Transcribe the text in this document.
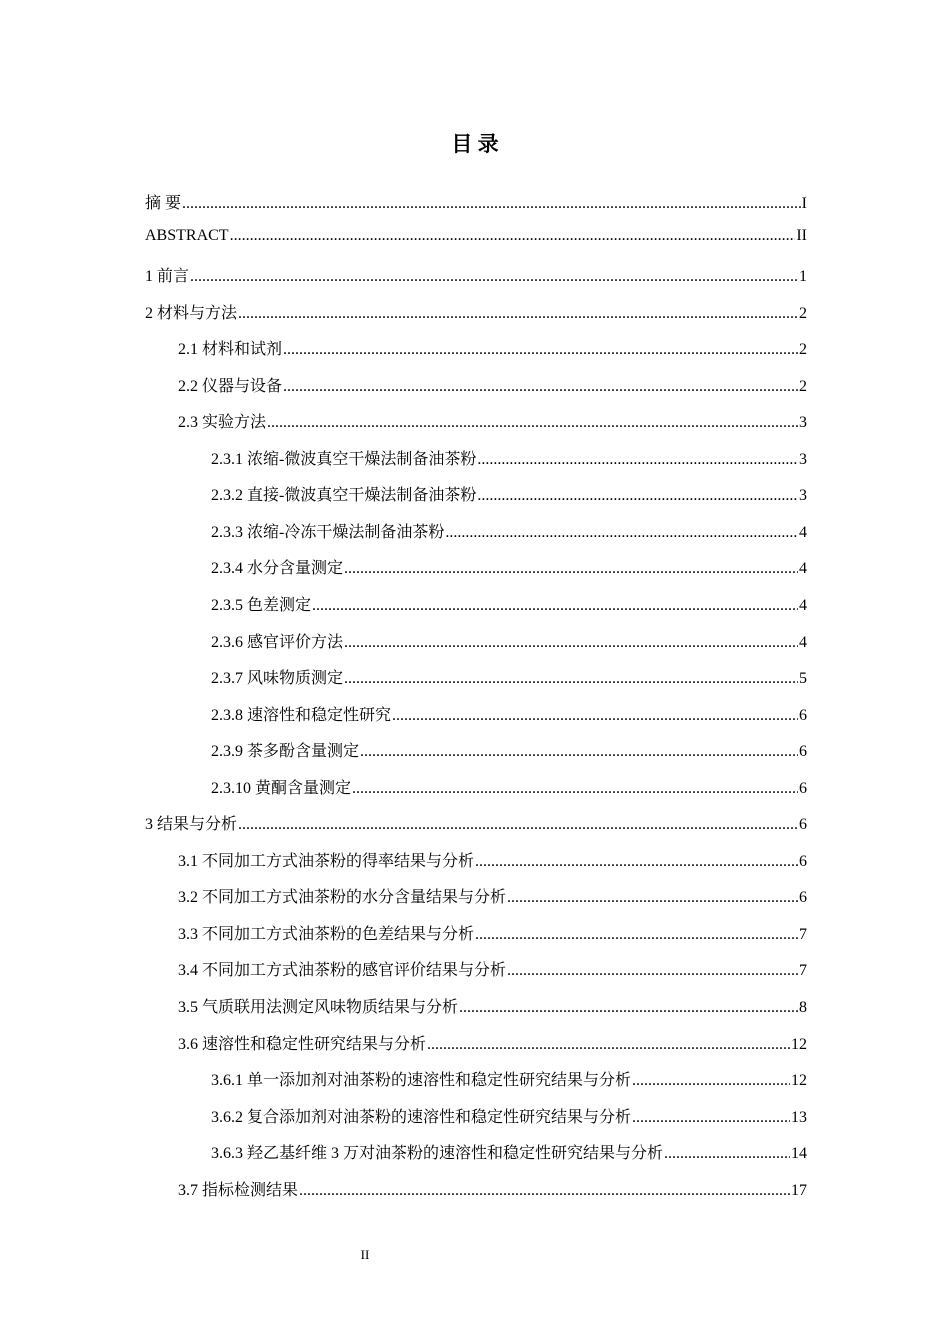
目 录
摘 要 .....	I
ABSTRACT .....	II
1 前言 .....	1
2 材料与方法 .....	2
2.1 材料和试剂 .....	2
2.2 仪器与设备 .....	2
2.3 实验方法 .....	3
2.3.1 浓缩-微波真空干燥法制备油茶粉 .....	3
2.3.2 直接-微波真空干燥法制备油茶粉 .....	3
2.3.3 浓缩-冷冻干燥法制备油茶粉 .....	4
2.3.4 水分含量测定 .....	4
2.3.5 色差测定 .....	4
2.3.6 感官评价方法 .....	4
2.3.7 风味物质测定 .....	5
2.3.8 速溶性和稳定性研究 .....	6
2.3.9 茶多酚含量测定 .....	6
2.3.10 黄酮含量测定 .....	6
3 结果与分析 .....	6
3.1 不同加工方式油茶粉的得率结果与分析 .....	6
3.2 不同加工方式油茶粉的水分含量结果与分析 .....	6
3.3 不同加工方式油茶粉的色差结果与分析 .....	7
3.4 不同加工方式油茶粉的感官评价结果与分析 .....	7
3.5 气质联用法测定风味物质结果与分析 .....	8
3.6 速溶性和稳定性研究结果与分析 .....	12
3.6.1 单一添加剂对油茶粉的速溶性和稳定性研究结果与分析 .....	12
3.6.2 复合添加剂对油茶粉的速溶性和稳定性研究结果与分析 .....	13
3.6.3 羟乙基纤维 3 万对油茶粉的速溶性和稳定性研究结果与分析 .....	14
3.7 指标检测结果 .....	17
II
